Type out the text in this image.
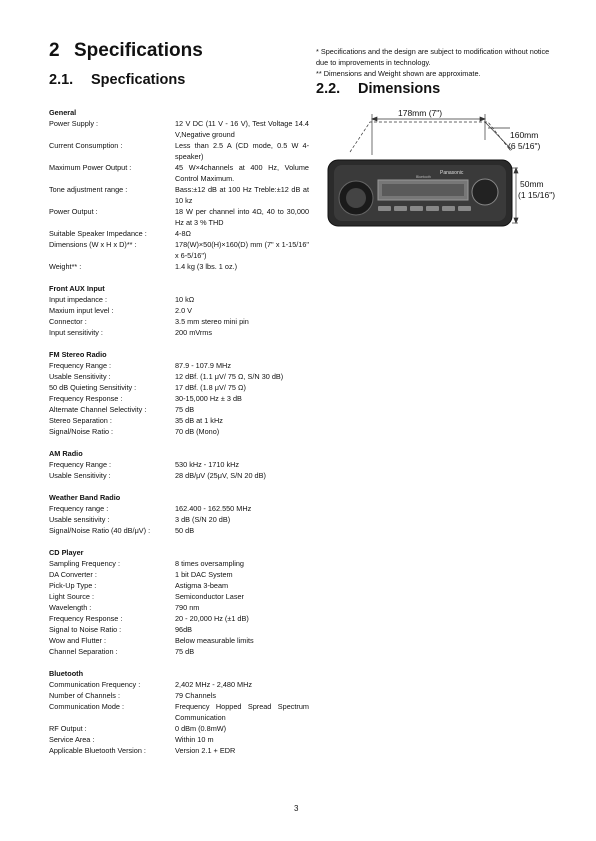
2 Specifications
2.1. Specfications
2.2. Dimensions
* Specifications and the design are subject to modification without notice due to improvements in technology.
** Dimensions and Weight shown are approximate.
General
Power Supply :	12 V DC (11 V - 16 V), Test Voltage 14.4 V,Negative ground
Current Consumption :	Less than 2.5 A (CD mode, 0.5 W 4-speaker)
Maximum Power Output :	45 W×4channels at 400 Hz, Volume Control Maximum.
Tone adjustment range :	Bass:±12 dB at 100 Hz Treble:±12 dB at 10 kz
Power Output :	18 W per channel into 4Ω, 40 to 30,000 Hz at 3 % THD
Suitable Speaker Impedance :	4-8Ω
Dimensions (W x H x D)** :	178(W)×50(H)×160(D) mm (7" x 1-15/16" x 6-5/16")
Weight** :	1.4 kg (3 lbs. 1 oz.)
Front AUX Input
Input impedance :	10 kΩ
Maxium input level :	2.0 V
Connector :	3.5 mm stereo mini pin
Input sensitivity :	200 mVrms
FM Stereo Radio
Frequency Range :	87.9 - 107.9 MHz
Usable Sensitivity :	12 dBf. (1.1 μV/ 75 Ω, S/N 30 dB)
50 dB Quieting Sensitivity :	17 dBf. (1.8 μV/ 75 Ω)
Frequency Response :	30-15,000 Hz ± 3 dB
Alternate Channel Selectivity :	75 dB
Stereo Separation :	35 dB at 1 kHz
Signal/Noise Ratio :	70 dB (Mono)
AM Radio
Frequency Range :	530 kHz - 1710 kHz
Usable Sensitivity :	28 dB/μV (25μV, S/N 20 dB)
Weather Band Radio
Frequency range :	162.400 - 162.550 MHz
Usable sensitivity :	3 dB (S/N 20 dB)
Signal/Noise Ratio (40 dB/μV) :	50 dB
CD Player
Sampling Frequency :	8 times oversampling
DA Converter :	1 bit DAC System
Pick-Up Type :	Astigma 3-beam
Light Source :	Semiconductor Laser
Wavelength :	790 nm
Frequency Response :	20 - 20,000 Hz (±1 dB)
Signal to Noise Ratio :	96dB
Wow and Flutter :	Below measurable limits
Channel Separation :	75 dB
Bluetooth
Communication Frequency :	2,402 MHz - 2,480 MHz
Number of Channels :	79 Channels
Communication Mode :	Frequency Hopped Spread Spectrum Communication
RF Output :	0 dBm (0.8mW)
Service Area :	Within 10 m
Applicable Bluetooth Version :	Version 2.1 + EDR
Panasonic
Bluetooth
178mm (7")
160mm
(6 5/16")
50mm
(1 15/16")
3
